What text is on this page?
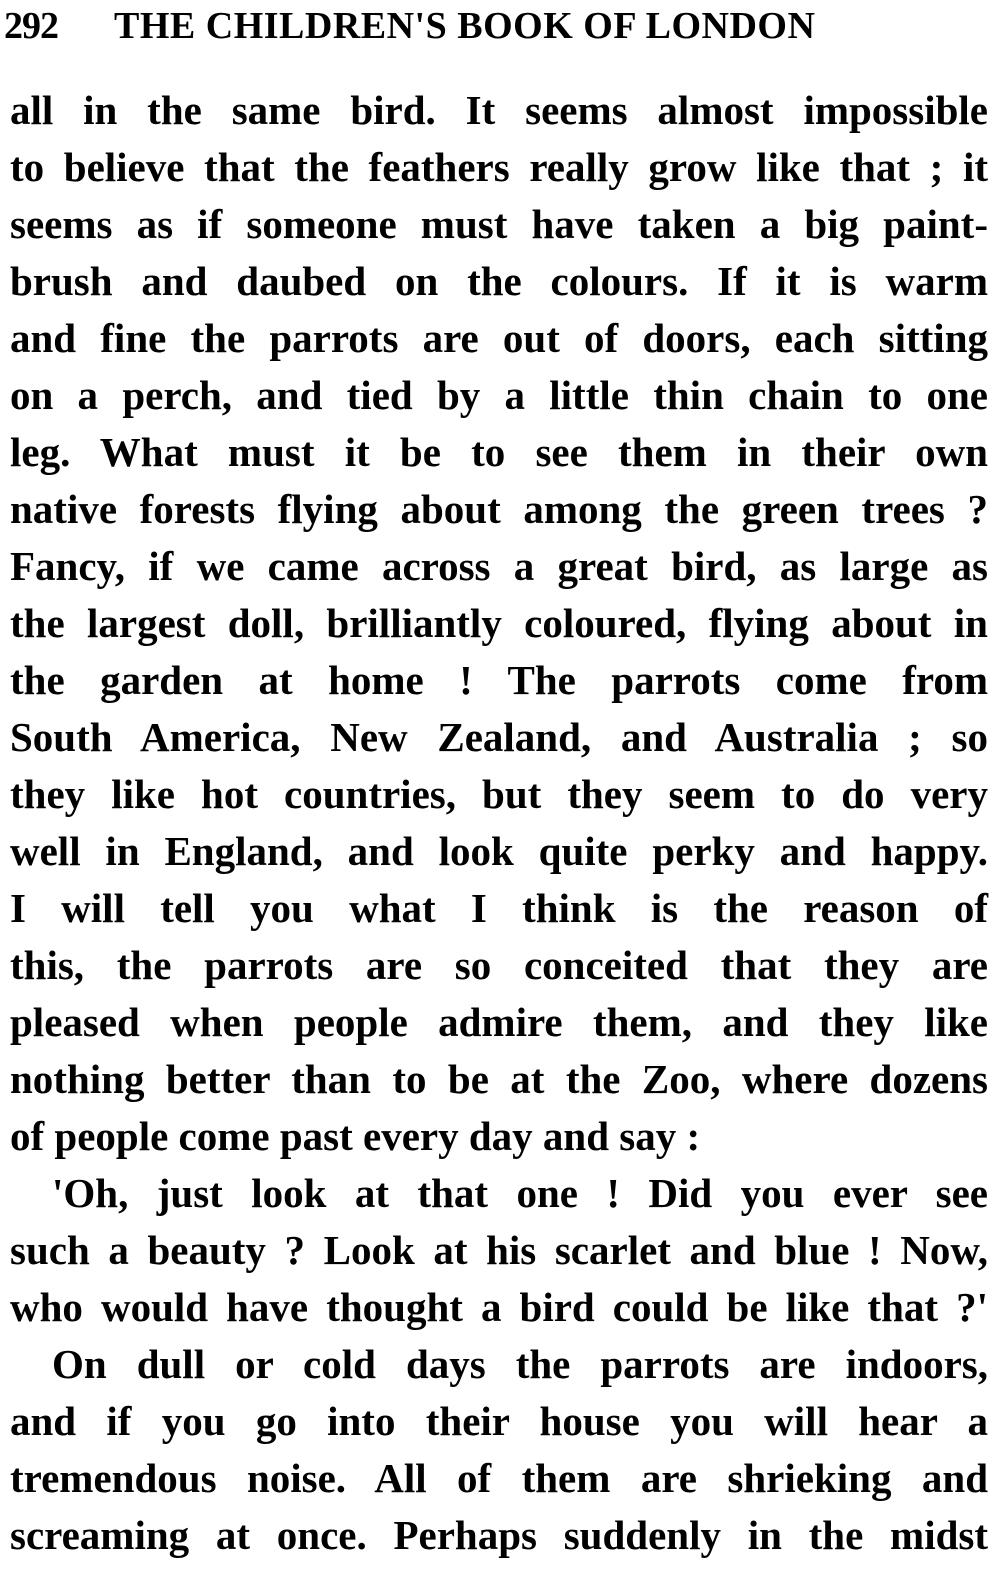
292 THE CHILDREN'S BOOK OF LONDON
all in the same bird. It seems almost impossible
to believe that the feathers really grow like that ; it
seems as if someone must have taken a big paint-
brush and daubed on the colours. If it is warm
and fine the parrots are out of doors, each sitting
on a perch, and tied by a little thin chain to one
leg. What must it be to see them in their own
native forests flying about among the green trees ?
Fancy, if we came across a great bird, as large as
the largest doll, brilliantly coloured, flying about in
the garden at home ! The parrots come from
South America, New Zealand, and Australia ; so
they like hot countries, but they seem to do very
well in England, and look quite perky and happy.
I will tell you what I think is the reason of
this, the parrots are so conceited that they are
pleased when people admire them, and they like
nothing better than to be at the Zoo, where dozens
of people come past every day and say :
'Oh, just look at that one ! Did you ever see
such a beauty ? Look at his scarlet and blue ! Now,
who would have thought a bird could be like that ?'
On dull or cold days the parrots are indoors,
and if you go into their house you will hear a
tremendous noise. All of them are shrieking and
screaming at once. Perhaps suddenly in the midst
